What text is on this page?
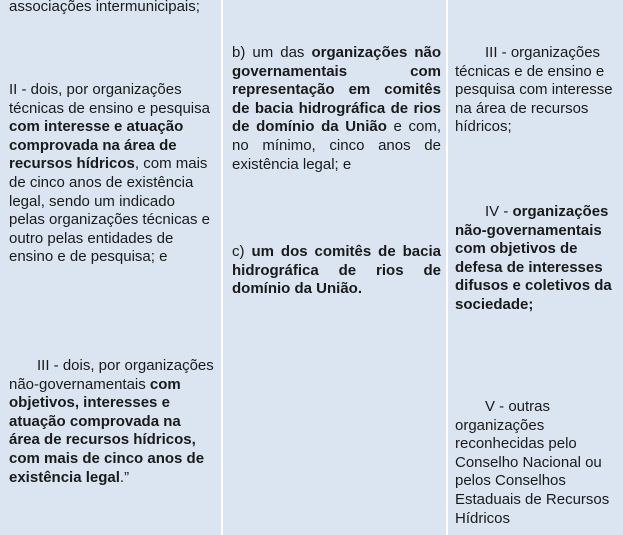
associações intermunicipais;

II - dois, por organizações técnicas de ensino e pesquisa com interesse e atuação comprovada na área de recursos hídricos, com mais de cinco anos de existência legal, sendo um indicado pelas organizações técnicas e outro pelas entidades de ensino e de pesquisa; e

III - dois, por organizações não-governamentais com objetivos, interesses e atuação comprovada na área de recursos hídricos, com mais de cinco anos de existência legal.”

b) um das organizações não governamentais com representação em comitês de bacia hidrográfica de rios de domínio da União e com, no mínimo, cinco anos de existência legal; e

c) um dos comitês de bacia hidrográfica de rios de domínio da União.

III - organizações técnicas e de ensino e pesquisa com interesse na área de recursos hídricos;

IV - organizações não-governamentais com objetivos de defesa de interesses difusos e coletivos da sociedade;

V - outras organizações reconhecidas pelo Conselho Nacional ou pelos Conselhos Estaduais de Recursos Hídricos
